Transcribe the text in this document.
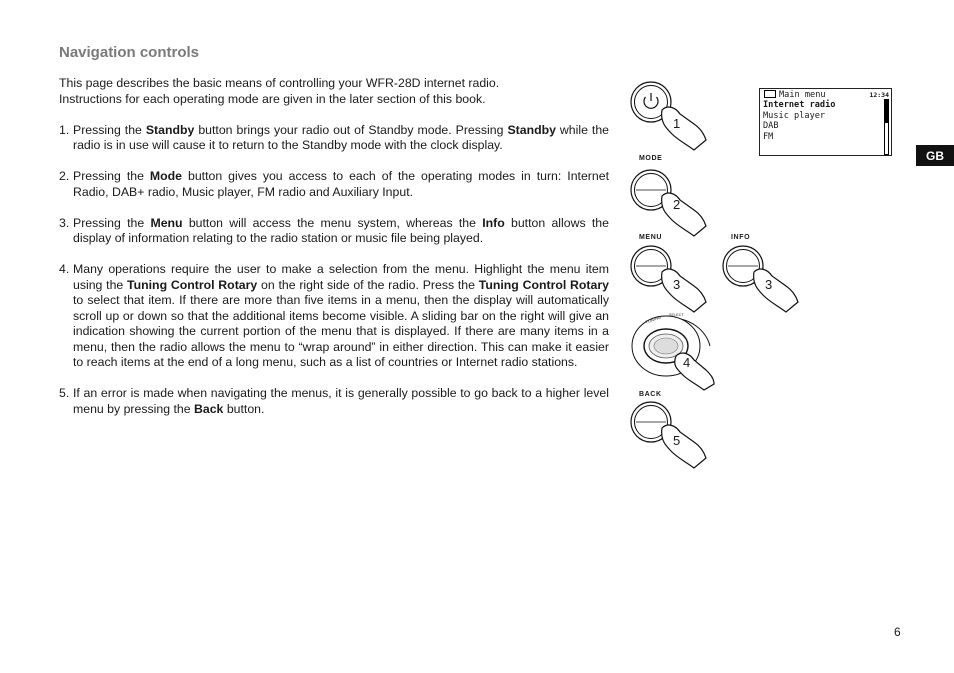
Navigation controls

This page describes the basic means of controlling your WFR-28D internet radio.
Instructions for each operating mode are given in the later section of this book.

1. Pressing the Standby button brings your radio out of Standby mode. Pressing Standby while the radio is in use will cause it to return to the Standby mode with the clock display.
2. Pressing the Mode button gives you access to each of the operating modes in turn: Internet Radio, DAB+ radio, Music player, FM radio and Auxiliary Input.
3. Pressing the Menu button will access the menu system, whereas the Info button allows the display of information relating to the radio station or music file being played.
4. Many operations require the user to make a selection from the menu. Highlight the menu item using the Tuning Control Rotary on the right side of the radio. Press the Tuning Control Rotary to select that item. If there are more than five items in a menu, then the display will automatically scroll up or down so that the additional items become visible. A sliding bar on the right will give an indication showing the current portion of the menu that is displayed. If there are many items in a menu, then the radio allows the menu to “wrap around” in either direction. This can make it easier to reach items at the end of a long menu, such as a list of countries or Internet radio stations.
5. If an error is made when navigating the menus, it is generally possible to go back to a higher level menu by pressing the Back button.
MODE
MENU	INFO
BACK
TUNING SELECT
1
2
3	3
4
5
Main menu	12:34
Internet radio
Music player
DAB
FM
GB
6
